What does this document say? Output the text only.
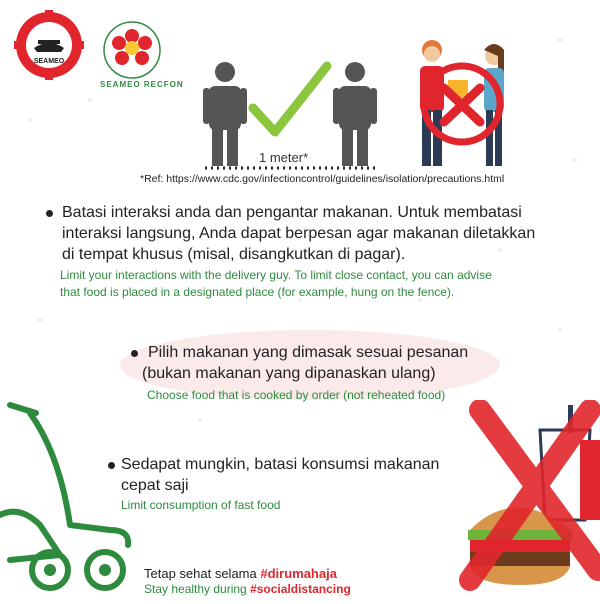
SEAMEO
SEAMEO RECFON
1 meter*
*Ref: https://www.cdc.gov/infectioncontrol/guidelines/isolation/precautions.html
Batasi interaksi anda dan pengantar makanan. Untuk membatasi
interaksi langsung, Anda dapat berpesan agar makanan diletakkan
di tempat khusus (misal, disangkutkan di pagar).
Limit your interactions with the delivery guy. To limit close contact, you can advise
that food is placed in a designated place (for example, hung on the fence).
Pilih makanan yang dimasak sesuai pesanan
(bukan makanan yang dipanaskan ulang)
Choose food that is cooked by order (not reheated food)
Sedapat mungkin, batasi konsumsi makanan
cepat saji
Limit consumption of fast food
Tetap sehat selama #dirumahaja
Stay healthy during #socialdistancing
